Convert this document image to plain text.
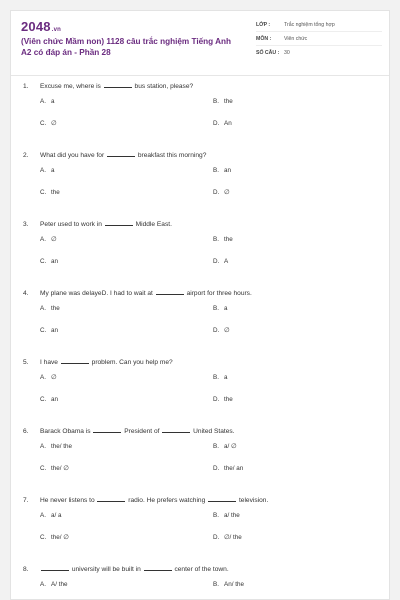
2048.vn
(Viên chức Mầm non) 1128 câu trắc nghiệm Tiếng Anh A2 có đáp án - Phần 28
LỚP :	Trắc nghiệm tổng hợp
MÔN :	Viên chức
SỐ CÂU : 30
1. Excuse me, where is	bus station, please?
A. a	B. the
C. ∅	D. An
2. What did you have for	breakfast this morning?
A. a	B. an
C. the	D. ∅
3. Peter used to work in	Middle East.
A. ∅	B. the
C. an	D. A
4. My plane was delayeD. I had to wait at	airport for three hours.
A. the	B. a
C. an	D. ∅
5. I have	problem. Can you help me?
A. ∅	B. a
C. an	D. the
6. Barack Obama is	President of	United States.
A. the/ the	B. a/ ∅
C. the/ ∅	D. the/ an
7. He never listens to	radio. He prefers watching	television.
A. a/ a	B. a/ the
C. the/ ∅	D. ∅/ the
8.	university will be built in	center of the town.
A. A/ the	B. An/ the
